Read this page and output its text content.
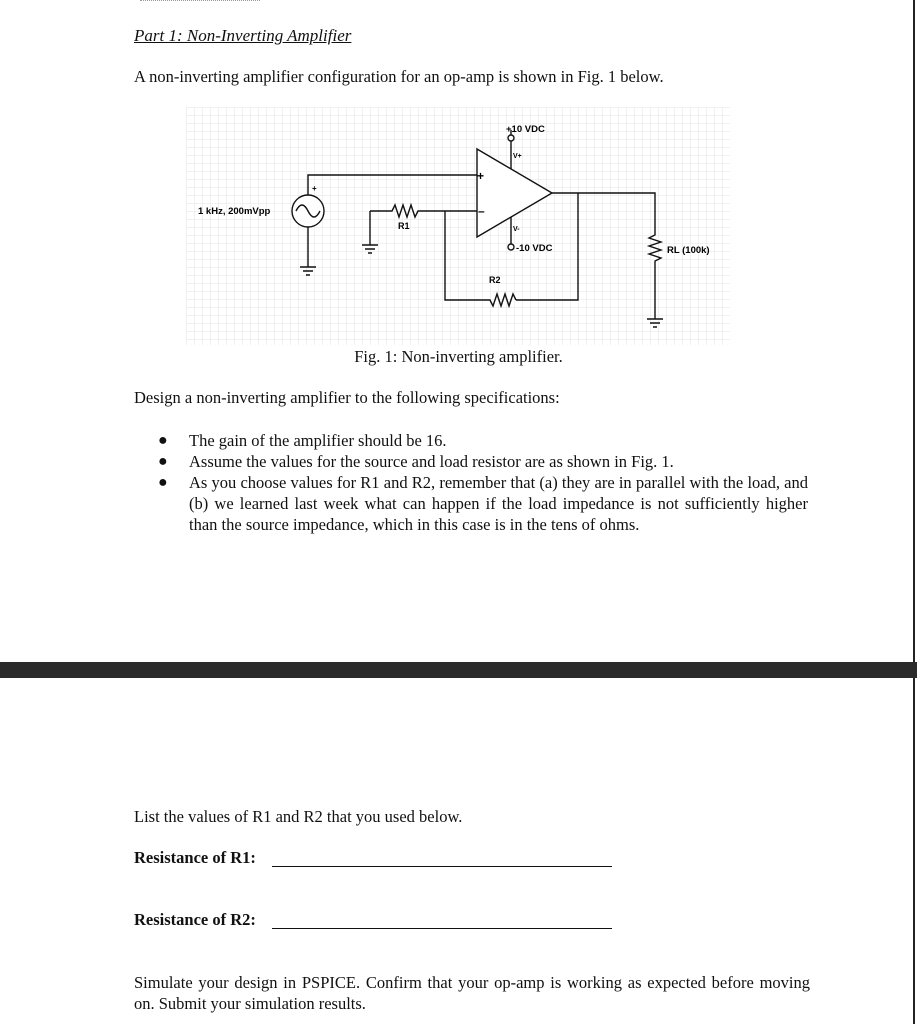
Part 1: Non-Inverting Amplifier
A non-inverting amplifier configuration for an op-amp is shown in Fig. 1 below.
1 kHz, 200mVpp
+
R1
+10 VDC
V+
+
–
V-
-10 VDC
R2
RL (100k)
Fig. 1: Non-inverting amplifier.
Design a non-inverting amplifier to the following specifications:
● The gain of the amplifier should be 16.
● Assume the values for the source and load resistor are as shown in Fig. 1.
● As you choose values for R1 and R2, remember that (a) they are in parallel with the load, and (b) we learned last week what can happen if the load impedance is not sufficiently higher than the source impedance, which in this case is in the tens of ohms.
List the values of R1 and R2 that you used below.
Resistance of R1:
Resistance of R2:
Simulate your design in PSPICE. Confirm that your op-amp is working as expected before moving on. Submit your simulation results.
